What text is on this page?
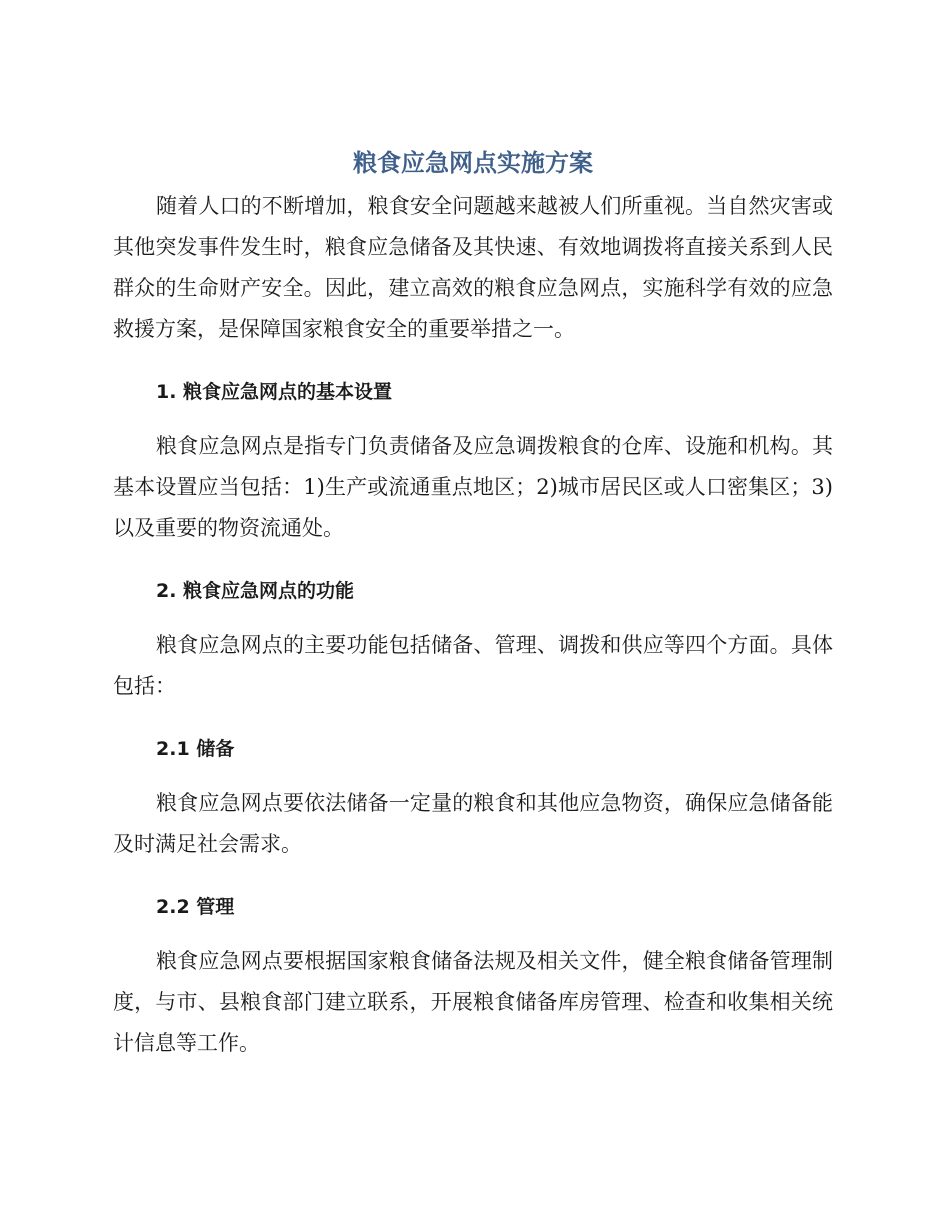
粮食应急网点实施方案

随着人口的不断增加，粮食安全问题越来越被人们所重视。当自然灾害或其他突发事件发生时，粮食应急储备及其快速、有效地调拨将直接关系到人民群众的生命财产安全。因此，建立高效的粮食应急网点，实施科学有效的应急救援方案，是保障国家粮食安全的重要举措之一。

1. 粮食应急网点的基本设置

粮食应急网点是指专门负责储备及应急调拨粮食的仓库、设施和机构。其基本设置应当包括：1)生产或流通重点地区；2)城市居民区或人口密集区；3)以及重要的物资流通处。

2. 粮食应急网点的功能

粮食应急网点的主要功能包括储备、管理、调拨和供应等四个方面。具体包括：

2.1 储备

粮食应急网点要依法储备一定量的粮食和其他应急物资，确保应急储备能及时满足社会需求。

2.2 管理

粮食应急网点要根据国家粮食储备法规及相关文件，健全粮食储备管理制度，与市、县粮食部门建立联系，开展粮食储备库房管理、检查和收集相关统计信息等工作。
